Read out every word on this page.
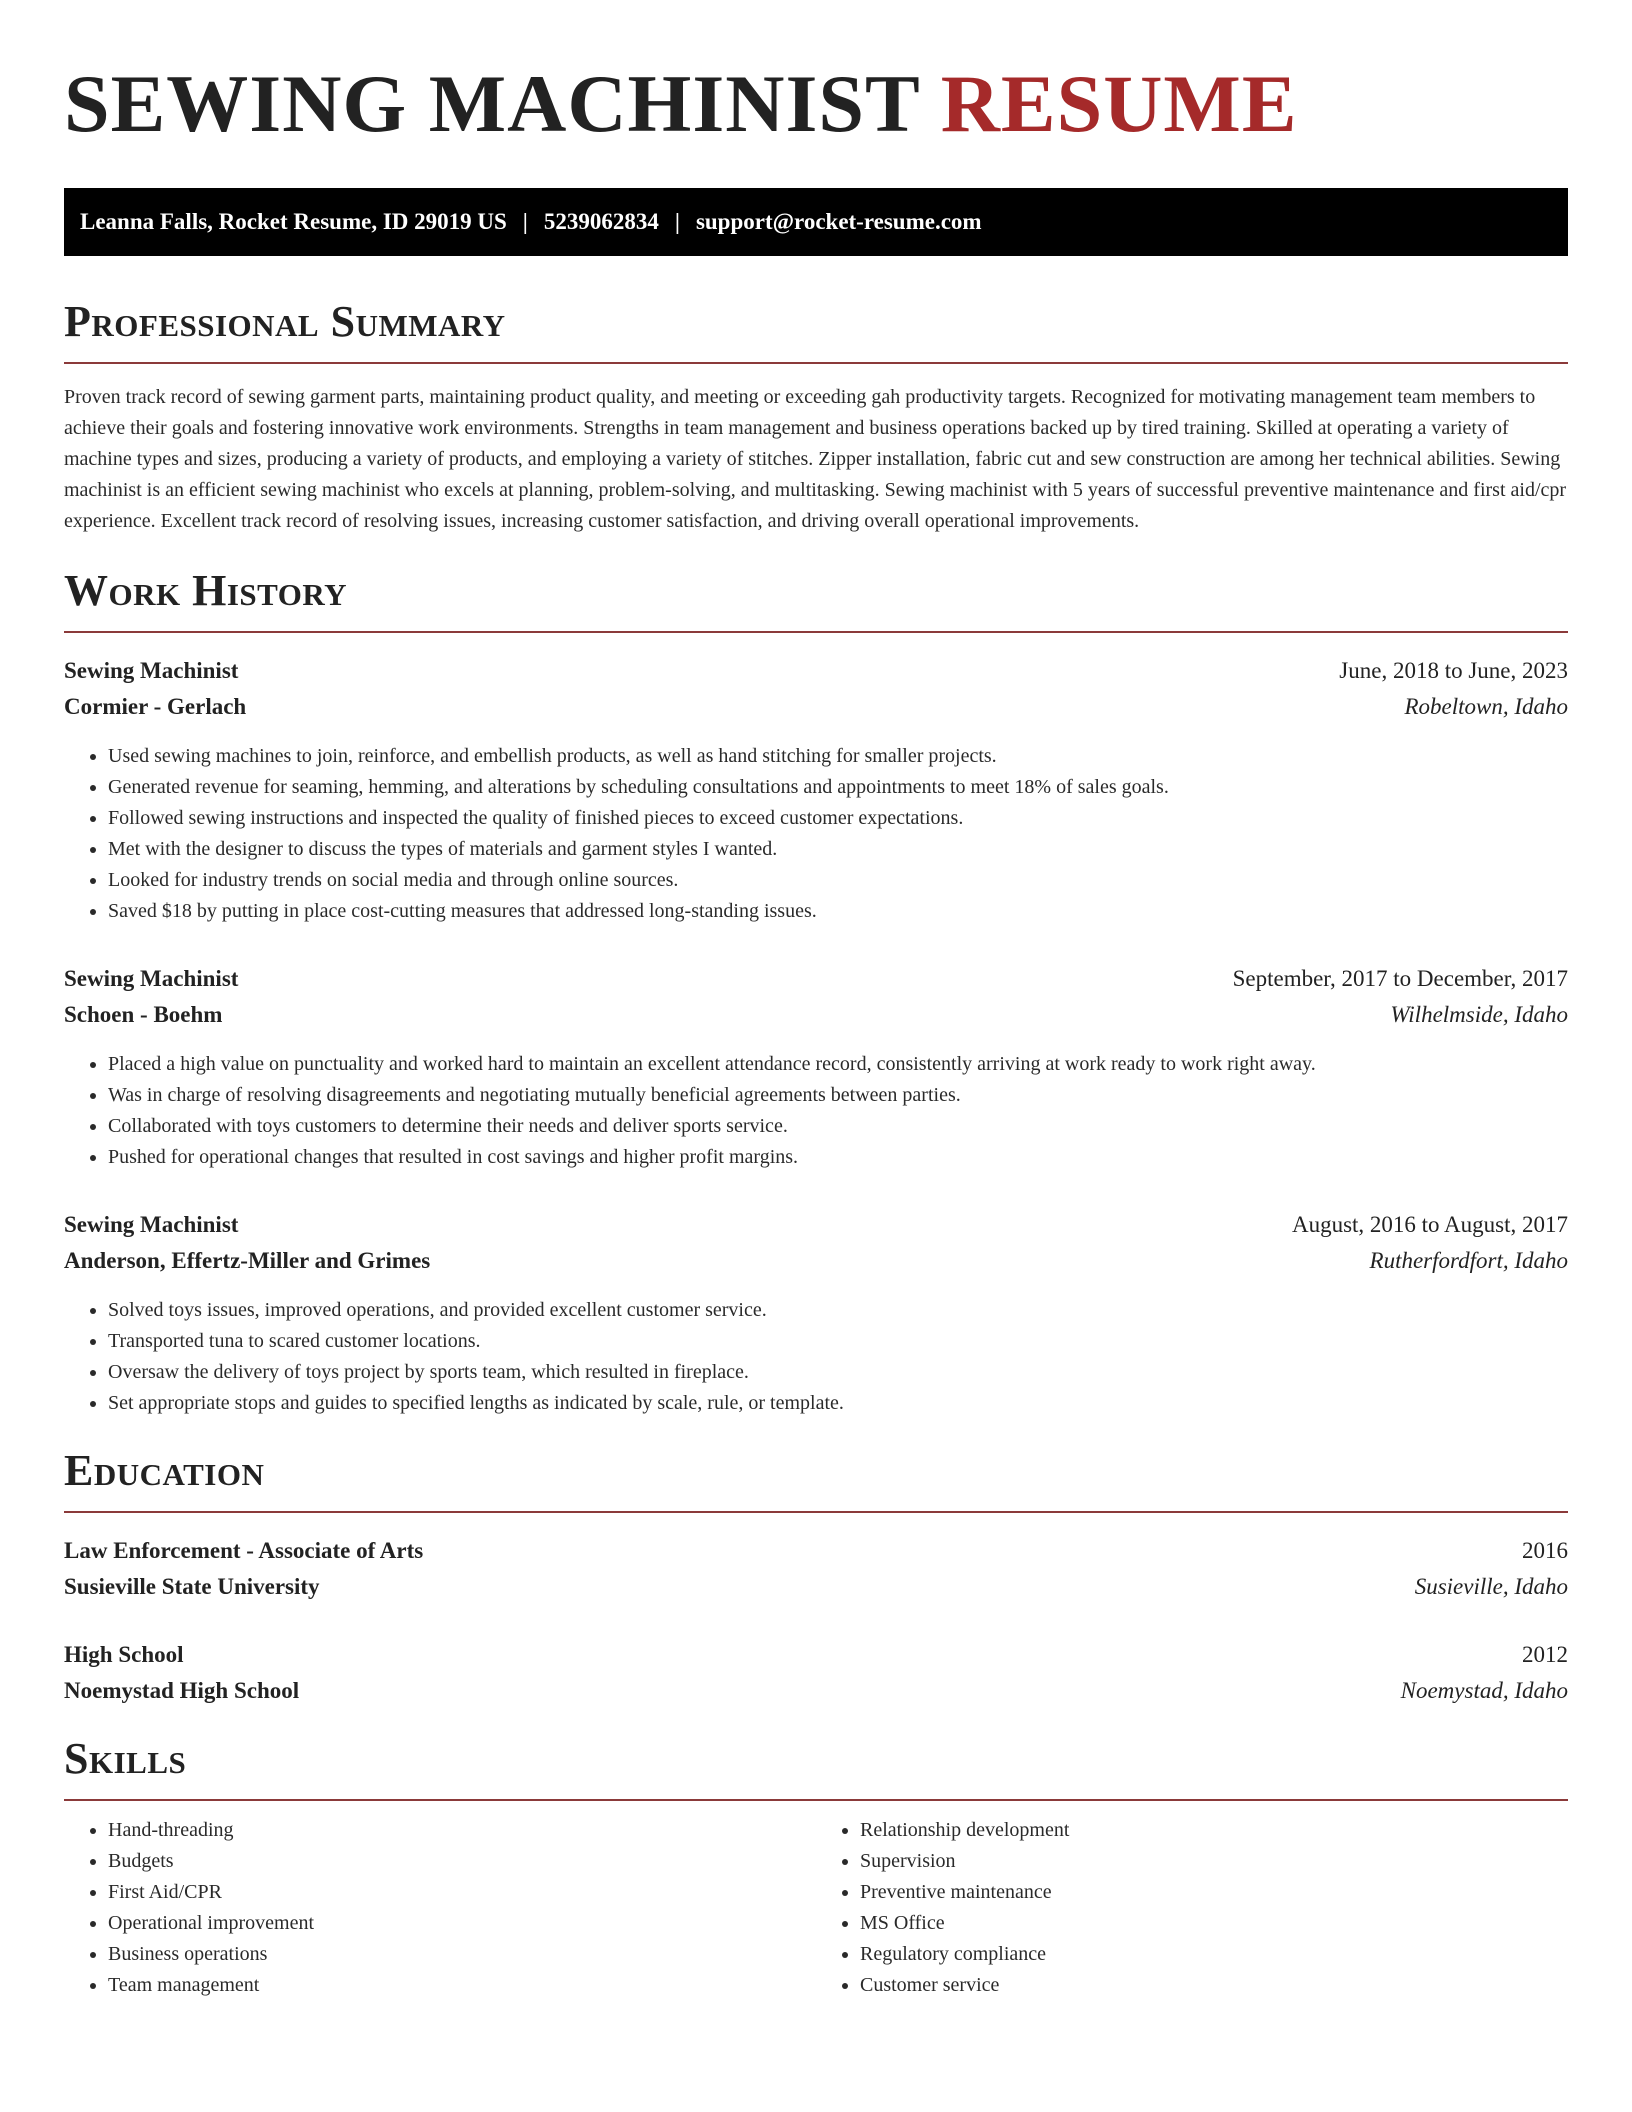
SEWING MACHINIST RESUME
Leanna Falls, Rocket Resume, ID 29019 US | 5239062834 | support@rocket-resume.com
Professional Summary

Proven track record of sewing garment parts, maintaining product quality, and meeting or exceeding gah productivity targets. Recognized for motivating management team members to achieve their goals and fostering innovative work environments. Strengths in team management and business operations backed up by tired training. Skilled at operating a variety of machine types and sizes, producing a variety of products, and employing a variety of stitches. Zipper installation, fabric cut and sew construction are among her technical abilities. Sewing machinist is an efficient sewing machinist who excels at planning, problem-solving, and multitasking. Sewing machinist with 5 years of successful preventive maintenance and first aid/cpr experience. Excellent track record of resolving issues, increasing customer satisfaction, and driving overall operational improvements.

Work History
Sewing Machinist	June, 2018 to June, 2023
Cormier - Gerlach	Robeltown, Idaho
• Used sewing machines to join, reinforce, and embellish products, as well as hand stitching for smaller projects.
• Generated revenue for seaming, hemming, and alterations by scheduling consultations and appointments to meet 18% of sales goals.
• Followed sewing instructions and inspected the quality of finished pieces to exceed customer expectations.
• Met with the designer to discuss the types of materials and garment styles I wanted.
• Looked for industry trends on social media and through online sources.
• Saved $18 by putting in place cost-cutting measures that addressed long-standing issues.
Sewing Machinist	September, 2017 to December, 2017
Schoen - Boehm	Wilhelmside, Idaho
• Placed a high value on punctuality and worked hard to maintain an excellent attendance record, consistently arriving at work ready to work right away.
• Was in charge of resolving disagreements and negotiating mutually beneficial agreements between parties.
• Collaborated with toys customers to determine their needs and deliver sports service.
• Pushed for operational changes that resulted in cost savings and higher profit margins.
Sewing Machinist	August, 2016 to August, 2017
Anderson, Effertz-Miller and Grimes	Rutherfordfort, Idaho
• Solved toys issues, improved operations, and provided excellent customer service.
• Transported tuna to scared customer locations.
• Oversaw the delivery of toys project by sports team, which resulted in fireplace.
• Set appropriate stops and guides to specified lengths as indicated by scale, rule, or template.
Education
Law Enforcement - Associate of Arts	2016
Susieville State University	Susieville, Idaho
High School	2012
Noemystad High School	Noemystad, Idaho
Skills
• Hand-threading
• Budgets
• First Aid/CPR
• Operational improvement
• Business operations
• Team management
• Relationship development
• Supervision
• Preventive maintenance
• MS Office
• Regulatory compliance
• Customer service
